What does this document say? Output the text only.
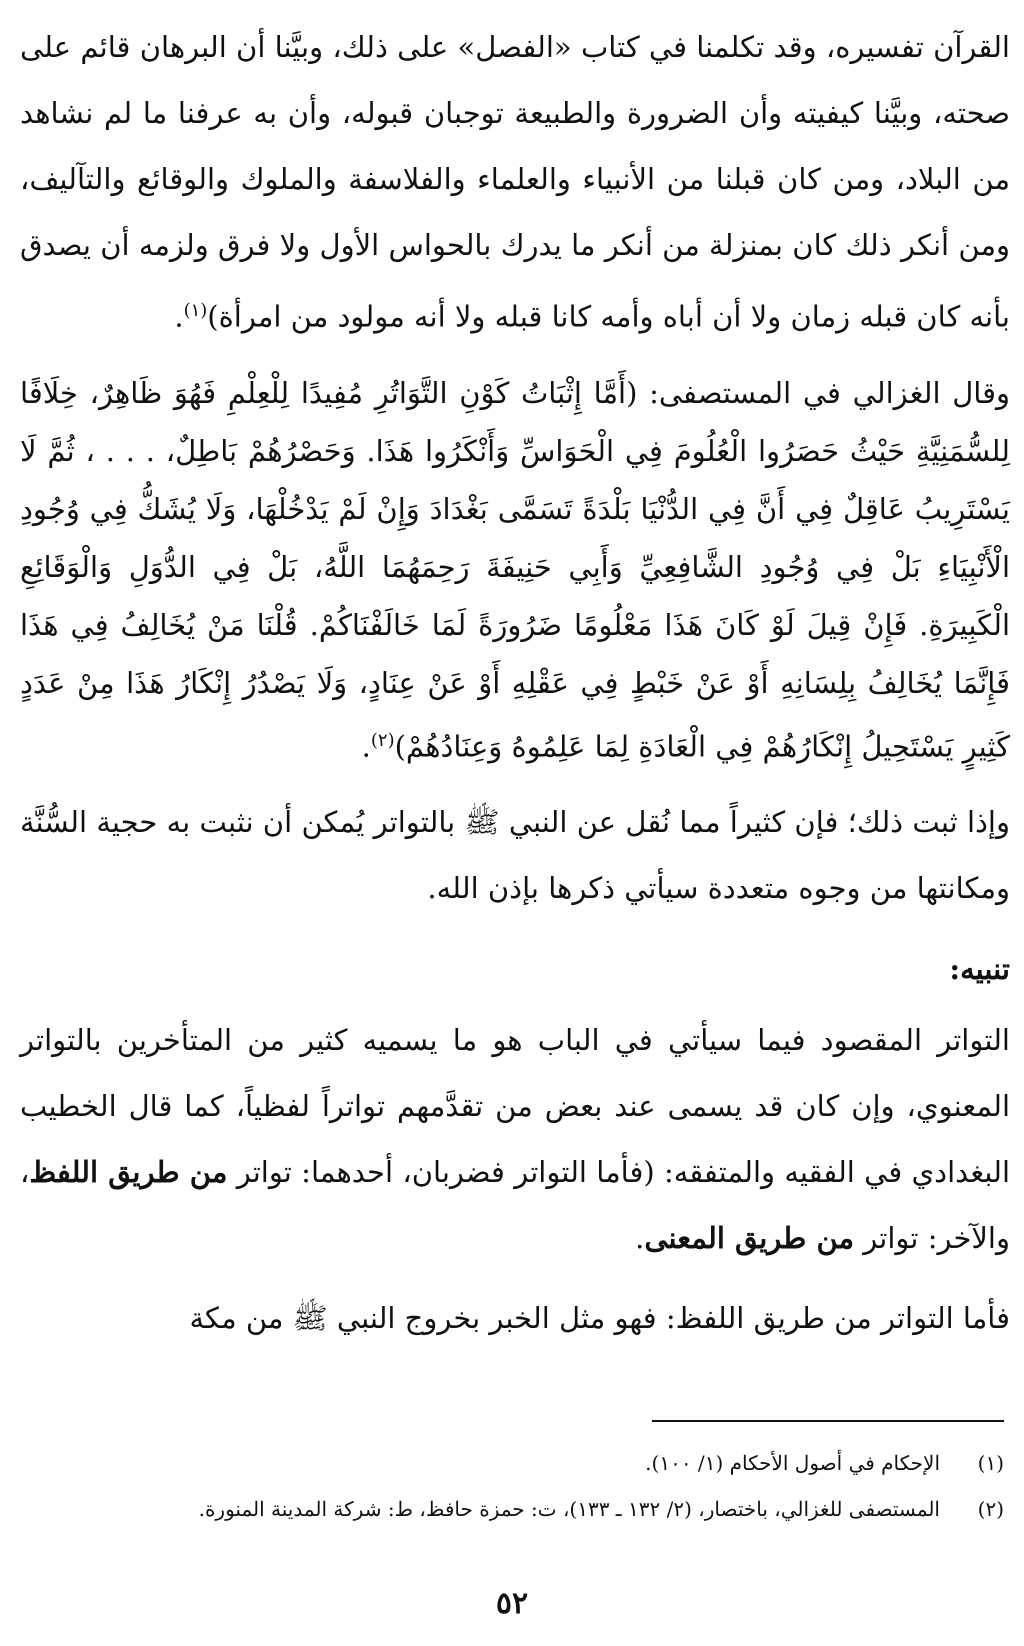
القرآن تفسيره، وقد تكلمنا في كتاب «الفصل» على ذلك، وبيَّنا أن البرهان قائم على صحته، وبيَّنا كيفيته وأن الضرورة والطبيعة توجبان قبوله، وأن به عرفنا ما لم نشاهد من البلاد، ومن كان قبلنا من الأنبياء والعلماء والفلاسفة والملوك والوقائع والتآليف، ومن أنكر ذلك كان بمنزلة من أنكر ما يدرك بالحواس الأول ولا فرق ولزمه أن يصدق بأنه كان قبله زمان ولا أن أباه وأمه كانا قبله ولا أنه مولود من امرأة)$^{(١)}$.

وقال الغزالي في المستصفى: (أَمَّا إِثْبَاتُ كَوْنِ التَّوَاتُرِ مُفِيدًا لِلْعِلْمِ فَهُوَ ظَاهِرٌ، خِلَافًا لِلسُّمَنِيَّةِ حَيْثُ حَصَرُوا الْعُلُومَ فِي الْحَوَاسِّ وَأَنْكَرُوا هَذَا. وَحَصْرُهُمْ بَاطِلٌ، . . . ، ثُمَّ لَا يَسْتَرِيبُ عَاقِلٌ فِي أَنَّ فِي الدُّنْيَا بَلْدَةً تَسَمَّى بَغْدَادَ وَإِنْ لَمْ يَدْخُلْهَا، وَلَا يُشَكُّ فِي وُجُودِ الْأَنْبِيَاءِ بَلْ فِي وُجُودِ الشَّافِعِيِّ وَأَبِي حَنِيفَةَ رَحِمَهُمَا اللَّهُ، بَلْ فِي الدُّوَلِ وَالْوَقَائِعِ الْكَبِيرَةِ. فَإِنْ قِيلَ لَوْ كَانَ هَذَا مَعْلُومًا ضَرُورَةً لَمَا خَالَفْنَاكُمْ. قُلْنَا مَنْ يُخَالِفُ فِي هَذَا فَإِنَّمَا يُخَالِفُ بِلِسَانِهِ أَوْ عَنْ خَبْطٍ فِي عَقْلِهِ أَوْ عَنْ عِنَادٍ، وَلَا يَصْدُرُ إِنْكَارُ هَذَا مِنْ عَدَدٍ كَثِيرٍ يَسْتَحِيلُ إِنْكَارُهُمْ فِي الْعَادَةِ لِمَا عَلِمُوهُ وَعِنَادُهُمْ)$^{(٢)}$.

وإذا ثبت ذلك؛ فإن كثيراً مما نُقل عن النبي ﷺ بالتواتر يُمكن أن نثبت به حجية السُّنَّة ومكانتها من وجوه متعددة سيأتي ذكرها بإذن الله.

تنبيه:

التواتر المقصود فيما سيأتي في الباب هو ما يسميه كثير من المتأخرين بالتواتر المعنوي، وإن كان قد يسمى عند بعض من تقدَّمهم تواتراً لفظياً، كما قال الخطيب البغدادي في الفقيه والمتفقه: (فأما التواتر فضربان، أحدهما: تواتر من طريق اللفظ، والآخر: تواتر من طريق المعنى.

فأما التواتر من طريق اللفظ: فهو مثل الخبر بخروج النبي ﷺ من مكة

(١)
الإحكام في أصول الأحكام (١/ ١٠٠).
(٢)
المستصفى للغزالي، باختصار، (٢/ ١٣٢ ـ ١٣٣)، ت: حمزة حافظ، ط: شركة المدينة المنورة.
٥٢
